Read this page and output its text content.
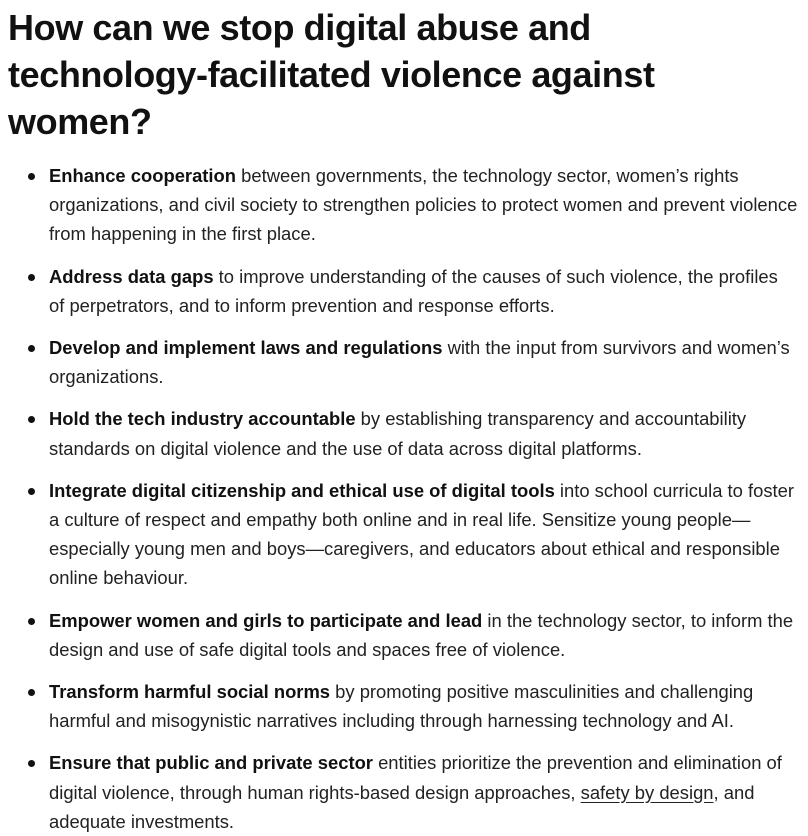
How can we stop digital abuse and technology-facilitated violence against women?
Enhance cooperation between governments, the technology sector, women’s rights organizations, and civil society to strengthen policies to protect women and prevent violence from happening in the first place.
Address data gaps to improve understanding of the causes of such violence, the profiles of perpetrators, and to inform prevention and response efforts.
Develop and implement laws and regulations with the input from survivors and women’s organizations.
Hold the tech industry accountable by establishing transparency and accountability standards on digital violence and the use of data across digital platforms.
Integrate digital citizenship and ethical use of digital tools into school curricula to foster a culture of respect and empathy both online and in real life. Sensitize young people—especially young men and boys—caregivers, and educators about ethical and responsible online behaviour.
Empower women and girls to participate and lead in the technology sector, to inform the design and use of safe digital tools and spaces free of violence.
Transform harmful social norms by promoting positive masculinities and challenging harmful and misogynistic narratives including through harnessing technology and AI.
Ensure that public and private sector entities prioritize the prevention and elimination of digital violence, through human rights-based design approaches, safety by design, and adequate investments.
